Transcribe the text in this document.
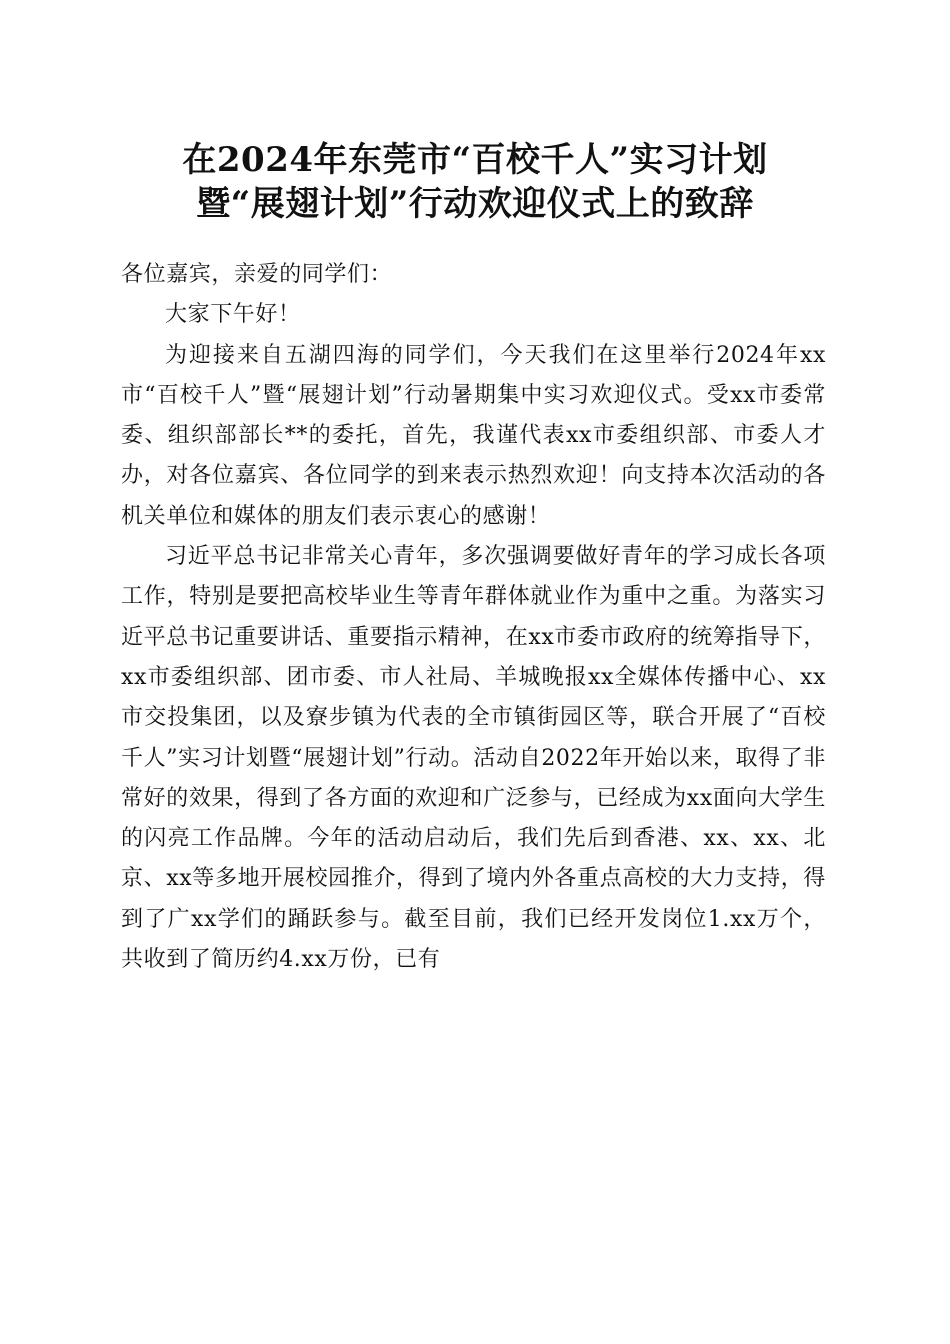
在2024年东莞市“百校千人”实习计划
暨“展翅计划”行动欢迎仪式上的致辞

各位嘉宾，亲爱的同学们：

大家下午好！

为迎接来自五湖四海的同学们，今天我们在这里举行2024年xx市“百校千人”暨“展翅计划”行动暑期集中实习欢迎仪式。受xx市委常委、组织部部长**的委托，首先，我谨代表xx市委组织部、市委人才办，对各位嘉宾、各位同学的到来表示热烈欢迎！向支持本次活动的各机关单位和媒体的朋友们表示衷心的感谢！

习近平总书记非常关心青年，多次强调要做好青年的学习成长各项工作，特别是要把高校毕业生等青年群体就业作为重中之重。为落实习近平总书记重要讲话、重要指示精神，在xx市委市政府的统筹指导下，xx市委组织部、团市委、市人社局、羊城晚报xx全媒体传播中心、xx市交投集团，以及寮步镇为代表的全市镇街园区等，联合开展了“百校千人”实习计划暨“展翅计划”行动。活动自2022年开始以来，取得了非常好的效果，得到了各方面的欢迎和广泛参与，已经成为xx面向大学生的闪亮工作品牌。今年的活动启动后，我们先后到香港、xx、xx、北京、xx等多地开展校园推介，得到了境内外各重点高校的大力支持，得到了广xx学们的踊跃参与。截至目前，我们已经开发岗位1.xx万个，共收到了简历约4.xx万份，已有
